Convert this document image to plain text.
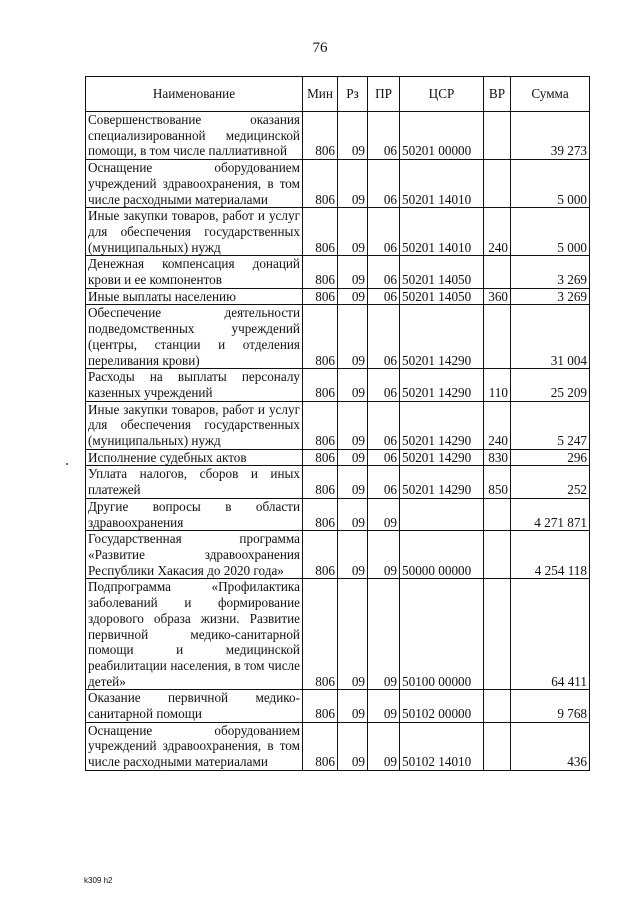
76
Наименование	Мин	Рз	ПР	ЦСР	ВР	Сумма
Совершенствование оказания специализированной медицинской помощи, в том числе паллиативной	806	09	06	50201 00000		39 273
Оснащение оборудованием учреждений здравоохранения, в том числе расходными материалами	806	09	06	50201 14010		5 000
Иные закупки товаров, работ и услуг для обеспечения государственных (муниципальных) нужд	806	09	06	50201 14010	240	5 000
Денежная компенсация донаций крови и ее компонентов	806	09	06	50201 14050		3 269
Иные выплаты населению	806	09	06	50201 14050	360	3 269
Обеспечение деятельности подведомственных учреждений (центры, станции и отделения переливания крови)	806	09	06	50201 14290		31 004
Расходы на выплаты персоналу казенных учреждений	806	09	06	50201 14290	110	25 209
Иные закупки товаров, работ и услуг для обеспечения государственных (муниципальных) нужд	806	09	06	50201 14290	240	5 247
Исполнение судебных актов	806	09	06	50201 14290	830	296
Уплата налогов, сборов и иных платежей	806	09	06	50201 14290	850	252
Другие вопросы в области здравоохранения	806	09	09			4 271 871
Государственная программа «Развитие здравоохранения Республики Хакасия до 2020 года»	806	09	09	50000 00000		4 254 118
Подпрограмма «Профилактика заболеваний и формирование здорового образа жизни. Развитие первичной медико-санитарной помощи и медицинской реабилитации населения, в том числе детей»	806	09	09	50100 00000		64 411
Оказание первичной медико-санитарной помощи	806	09	09	50102 00000		9 768
Оснащение оборудованием учреждений здравоохранения, в том числе расходными материалами	806	09	09	50102 14010		436
k309 h2
